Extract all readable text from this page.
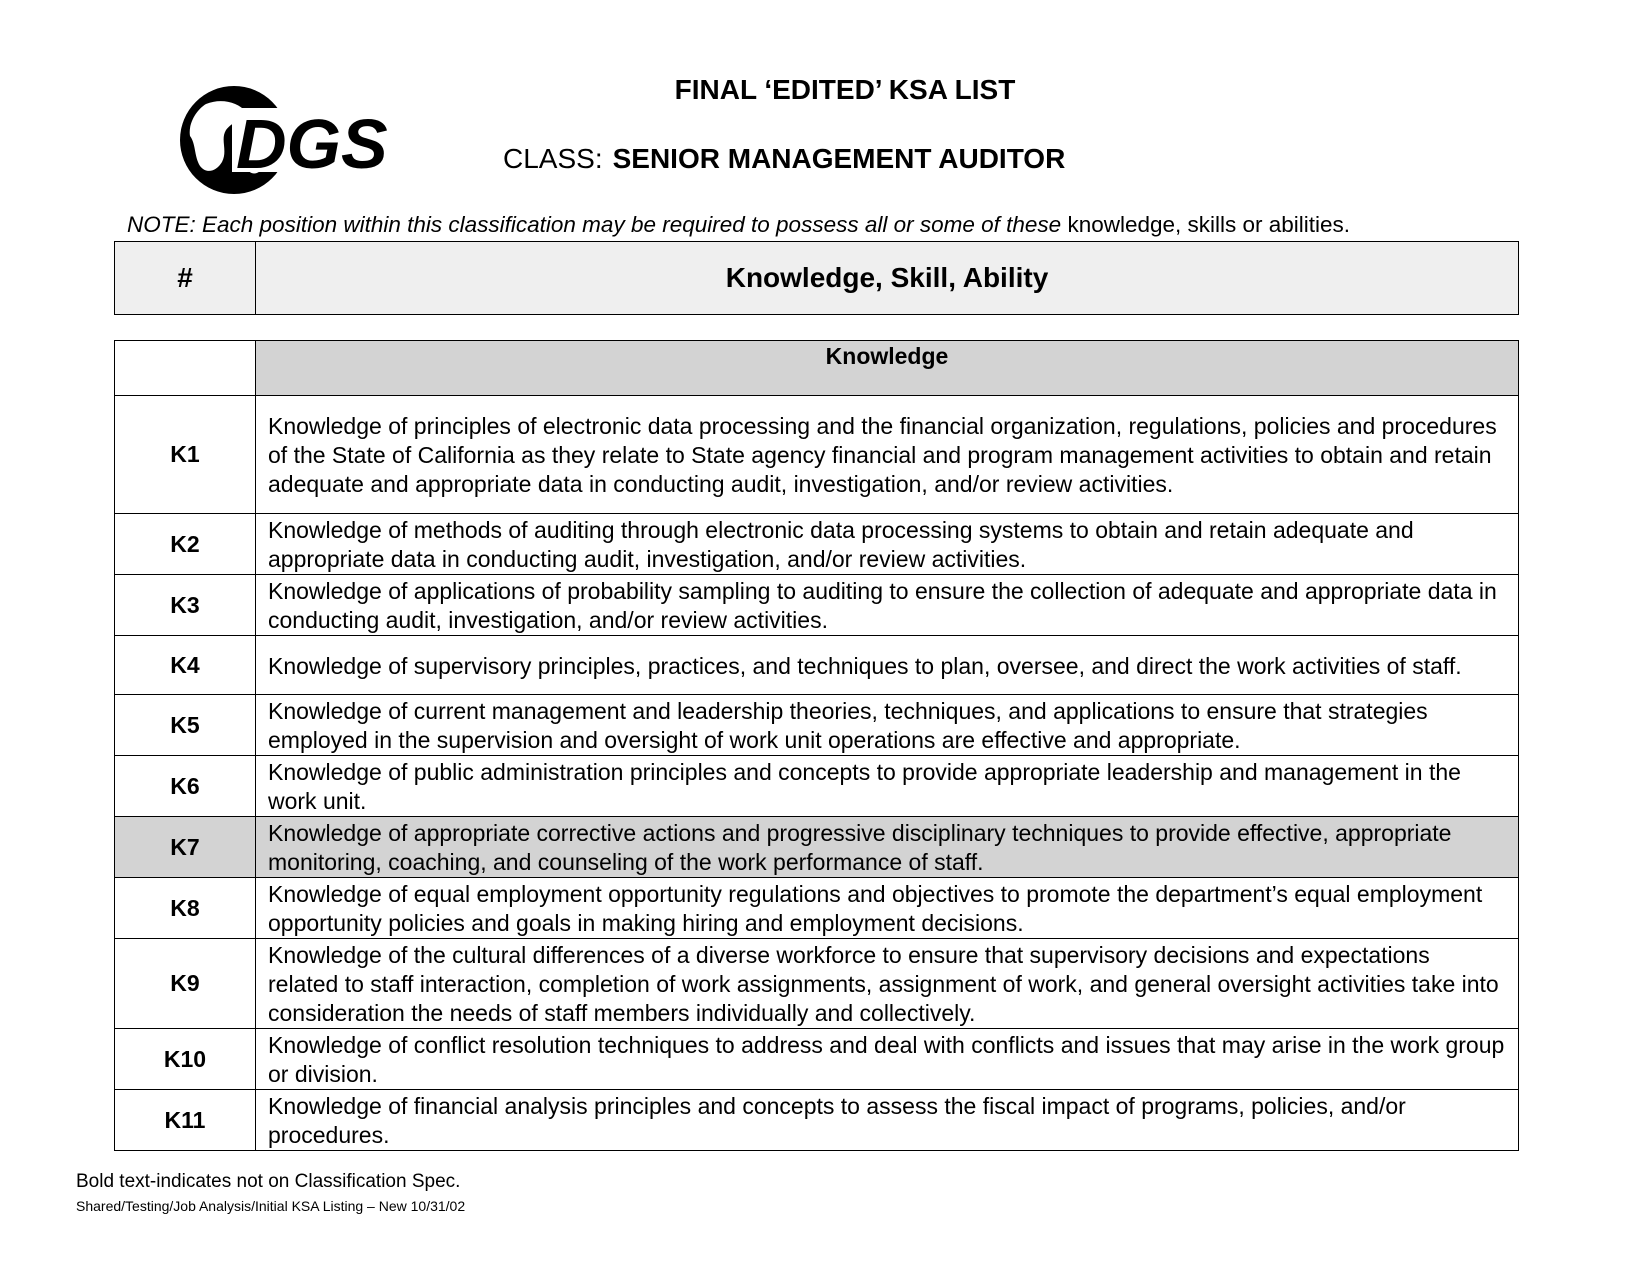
DGS
FINAL ‘EDITED’ KSA LIST
CLASS: SENIOR MANAGEMENT AUDITOR
NOTE: Each position within this classification may be required to possess all or some of these knowledge, skills or abilities.
#	Knowledge, Skill, Ability
	Knowledge
K1	Knowledge of principles of electronic data processing and the financial organization, regulations, policies and procedures of the State of California as they relate to State agency financial and program management activities to obtain and retain adequate and appropriate data in conducting audit, investigation, and/or review activities.
K2	Knowledge of methods of auditing through electronic data processing systems to obtain and retain adequate and appropriate data in conducting audit, investigation, and/or review activities.
K3	Knowledge of applications of probability sampling to auditing to ensure the collection of adequate and appropriate data in conducting audit, investigation, and/or review activities.
K4	Knowledge of supervisory principles, practices, and techniques to plan, oversee, and direct the work activities of staff.
K5	Knowledge of current management and leadership theories, techniques, and applications to ensure that strategies employed in the supervision and oversight of work unit operations are effective and appropriate.
K6	Knowledge of public administration principles and concepts to provide appropriate leadership and management in the work unit.
K7	Knowledge of appropriate corrective actions and progressive disciplinary techniques to provide effective, appropriate monitoring, coaching, and counseling of the work performance of staff.
K8	Knowledge of equal employment opportunity regulations and objectives to promote the department’s equal employment opportunity policies and goals in making hiring and employment decisions.
K9	Knowledge of the cultural differences of a diverse workforce to ensure that supervisory decisions and expectations related to staff interaction, completion of work assignments, assignment of work, and general oversight activities take into consideration the needs of staff members individually and collectively.
K10	Knowledge of conflict resolution techniques to address and deal with conflicts and issues that may arise in the work group or division.
K11	Knowledge of financial analysis principles and concepts to assess the fiscal impact of programs, policies, and/or procedures.
Bold text-indicates not on Classification Spec.
Shared/Testing/Job Analysis/Initial KSA Listing – New 10/31/02
